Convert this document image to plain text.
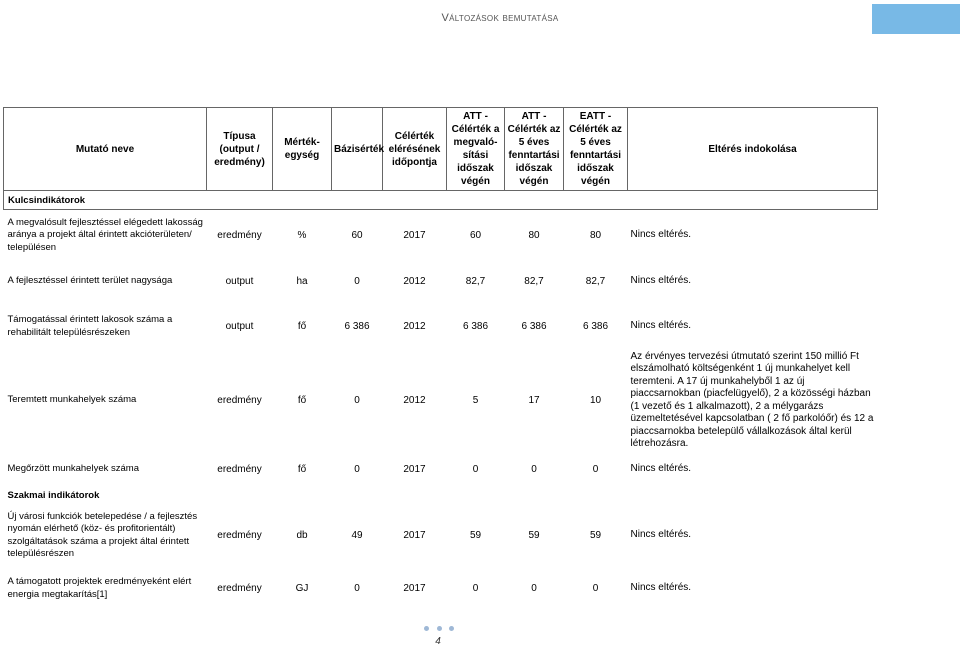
Változások bemutatása
Mutató neve	Típusa (output / eredmény)	Mérték-egység	Bázisérték	Célérték elérésének időpontja	ATT - Célérték a megvaló-sítási időszak végén	ATT - Célérték az 5 éves fenntartási időszak végén	EATT - Célérték az 5 éves fenntartási időszak végén	Eltérés indokolása
Kulcsindikátorok								
A megvalósult fejlesztéssel elégedett lakosság aránya a projekt által érintett akcióterületen/ településen	eredmény	%	60	2017	60	80	80	Nincs eltérés.
A fejlesztéssel érintett terület nagysága	output	ha	0	2012	82,7	82,7	82,7	Nincs eltérés.
Támogatással érintett lakosok száma a rehabilitált településrészeken	output	fő	6 386	2012	6 386	6 386	6 386	Nincs eltérés.
Teremtett munkahelyek száma	eredmény	fő	0	2012	5	17	10	Az érvényes tervezési útmutató szerint 150 millió Ft elszámolható költségenként 1 új munkahelyet kell teremteni. A 17 új munkahelyből 1 az új piaccsarnokban (piacfelügyelő), 2 a közösségi házban (1 vezető és 1 alkalmazott), 2 a mélygarázs üzemeltetésével kapcsolatban ( 2 fő parkolóőr) és 12 a piaccsarnokba betelepülő vállalkozások által kerül létrehozásra.
Megőrzött munkahelyek száma	eredmény	fő	0	2017	0	0	0	Nincs eltérés.
Szakmai indikátorok								
Új városi funkciók betelepedése / a fejlesztés nyomán elérhető (köz- és profitorientált) szolgáltatások száma a projekt által érintett településrészen	eredmény	db	49	2017	59	59	59	Nincs eltérés.
A támogatott projektek eredményeként elért energia megtakarítás[1]	eredmény	GJ	0	2017	0	0	0	Nincs eltérés.
4
